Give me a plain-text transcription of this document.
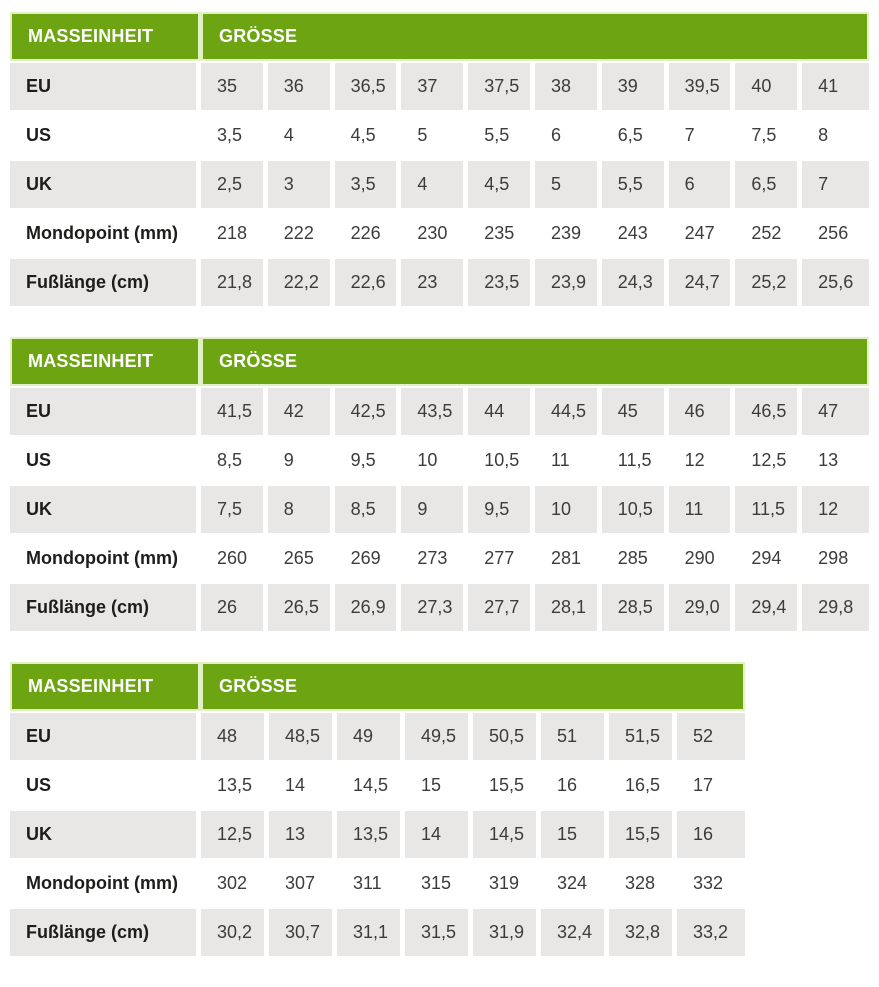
MASSEINHEIT	GRÖSSE									
EU	35	36	36,5	37	37,5	38	39	39,5	40	41
US	3,5	4	4,5	5	5,5	6	6,5	7	7,5	8
UK	2,5	3	3,5	4	4,5	5	5,5	6	6,5	7
Mondopoint (mm)	218	222	226	230	235	239	243	247	252	256
Fußlänge (cm)	21,8	22,2	22,6	23	23,5	23,9	24,3	24,7	25,2	25,6
MASSEINHEIT	GRÖSSE									
EU	41,5	42	42,5	43,5	44	44,5	45	46	46,5	47
US	8,5	9	9,5	10	10,5	11	11,5	12	12,5	13
UK	7,5	8	8,5	9	9,5	10	10,5	11	11,5	12
Mondopoint (mm)	260	265	269	273	277	281	285	290	294	298
Fußlänge (cm)	26	26,5	26,9	27,3	27,7	28,1	28,5	29,0	29,4	29,8
MASSEINHEIT	GRÖSSE							
EU	48	48,5	49	49,5	50,5	51	51,5	52
US	13,5	14	14,5	15	15,5	16	16,5	17
UK	12,5	13	13,5	14	14,5	15	15,5	16
Mondopoint (mm)	302	307	311	315	319	324	328	332
Fußlänge (cm)	30,2	30,7	31,1	31,5	31,9	32,4	32,8	33,2
